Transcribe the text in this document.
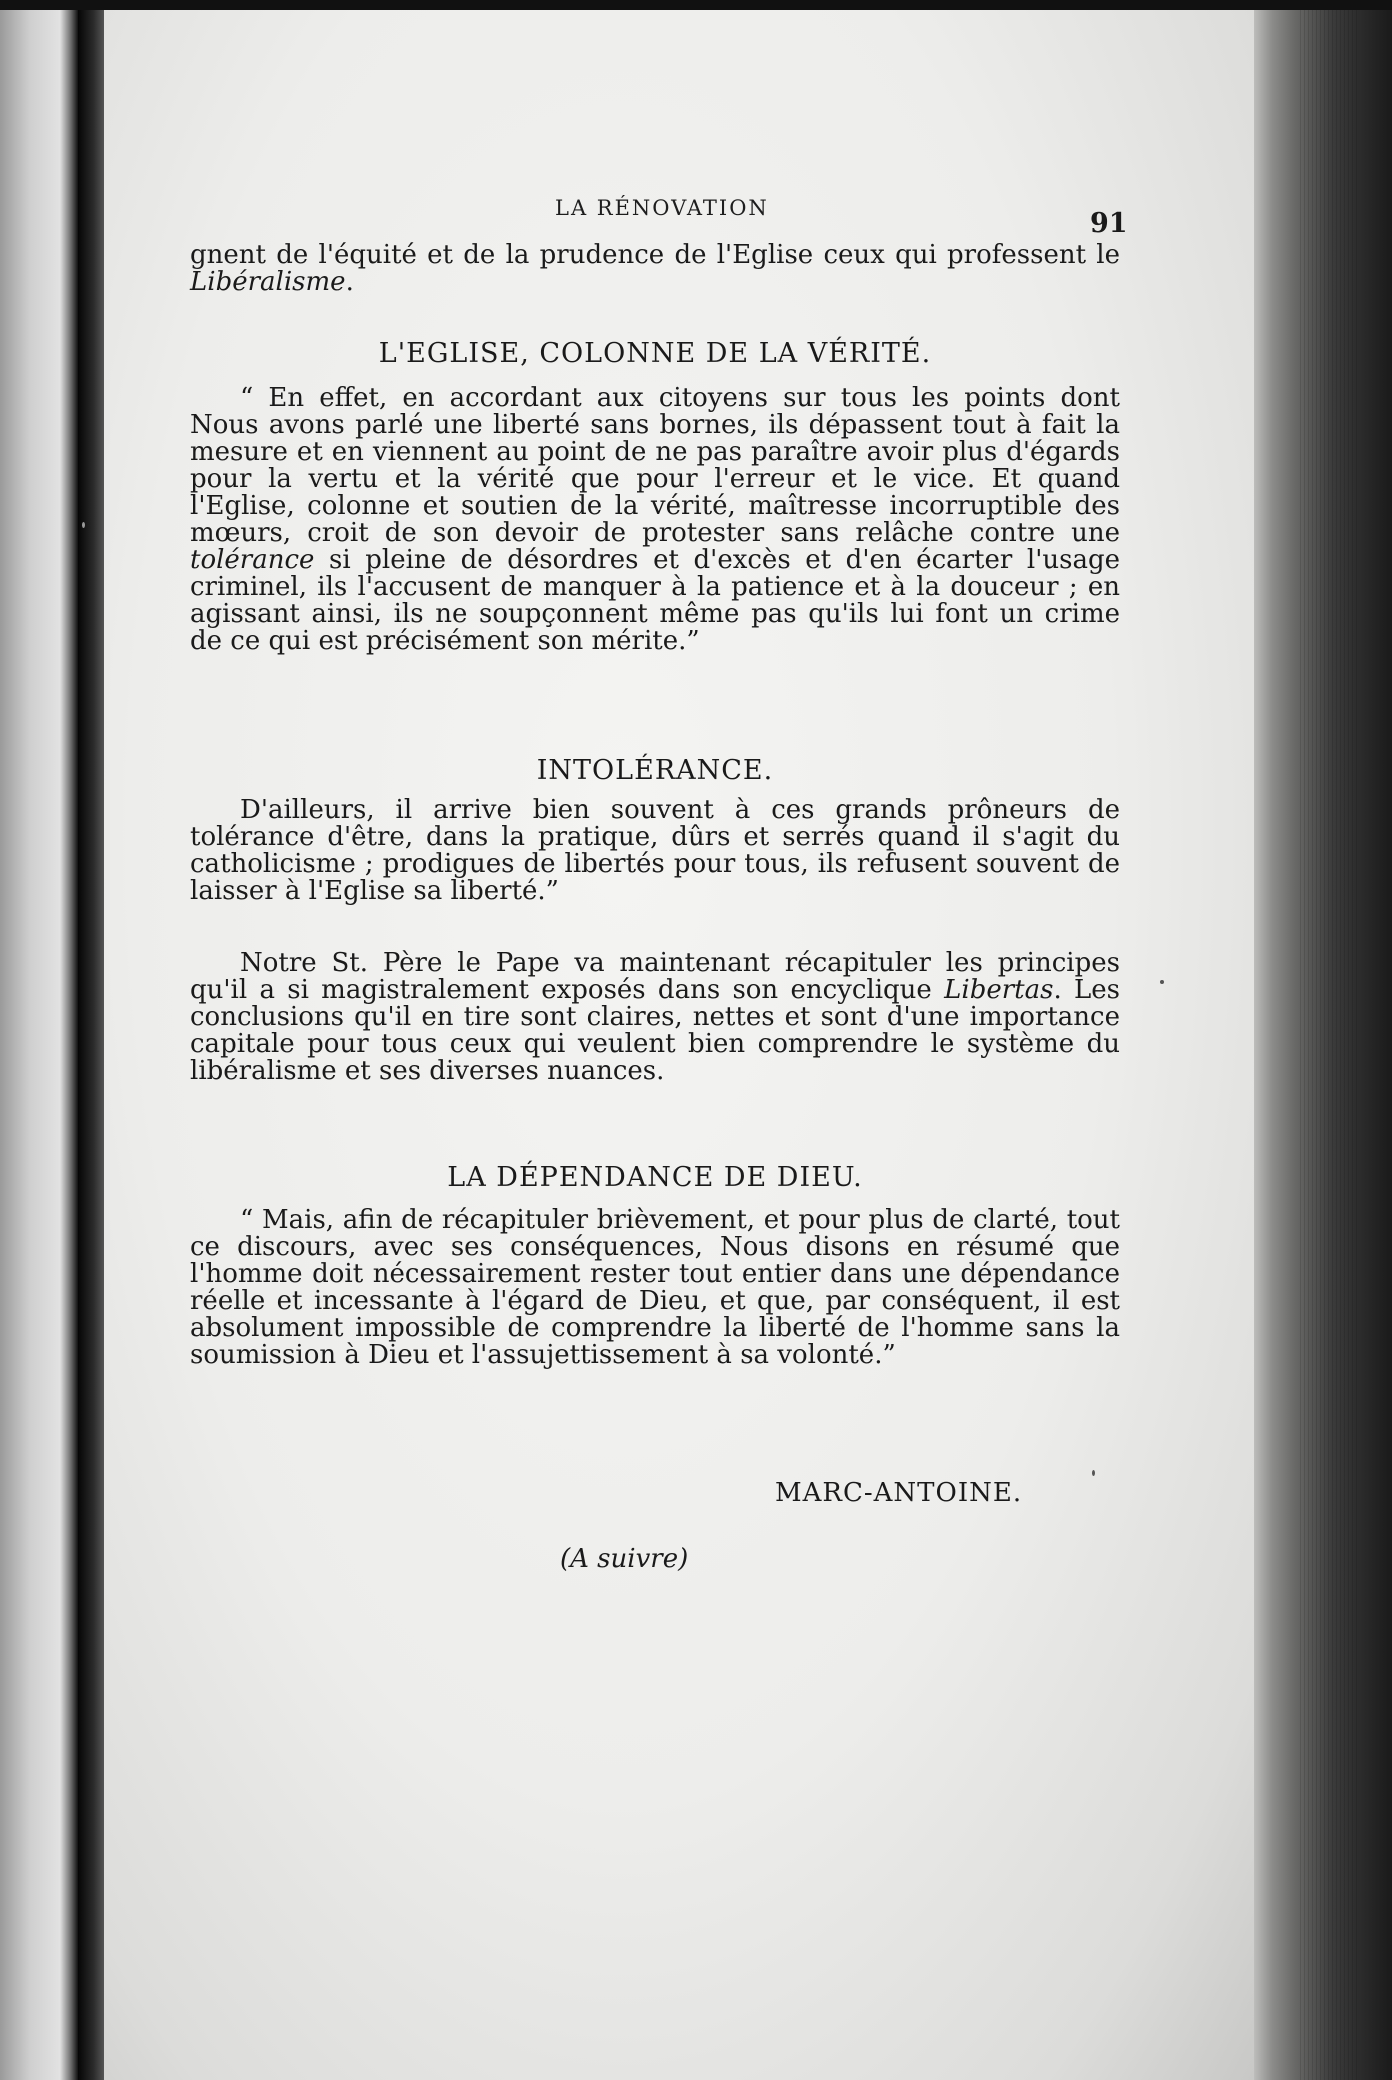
LA RÉNOVATION	91

gnent de l'équité et de la prudence de l'Eglise ceux qui professent le Libéralisme.

L'EGLISE, COLONNE DE LA VÉRITÉ.

“ En effet, en accordant aux citoyens sur tous les points dont Nous avons parlé une liberté sans bornes, ils dépassent tout à fait la mesure et en viennent au point de ne pas paraître avoir plus d'égards pour la vertu et la vérité que pour l'erreur et le vice. Et quand l'Eglise, colonne et soutien de la vérité, maîtresse incorruptible des mœurs, croit de son devoir de protester sans relâche contre une tolérance si pleine de désordres et d'excès et d'en écarter l'usage criminel, ils l'accusent de manquer à la patience et à la douceur ; en agissant ainsi, ils ne soupçonnent même pas qu'ils lui font un crime de ce qui est précisément son mérite.”

INTOLÉRANCE.

D'ailleurs, il arrive bien souvent à ces grands prôneurs de tolérance d'être, dans la pratique, dûrs et serrés quand il s'agit du catholicisme ; prodigues de libertés pour tous, ils refusent souvent de laisser à l'Eglise sa liberté.”

Notre St. Père le Pape va maintenant récapituler les principes qu'il a si magistralement exposés dans son encyclique Libertas. Les conclusions qu'il en tire sont claires, nettes et sont d'une importance capitale pour tous ceux qui veulent bien comprendre le système du libéralisme et ses diverses nuances.

LA DÉPENDANCE DE DIEU.

“ Mais, afin de récapituler brièvement, et pour plus de clarté, tout ce discours, avec ses conséquences, Nous disons en résumé que l'homme doit nécessairement rester tout entier dans une dépendance réelle et incessante à l'égard de Dieu, et que, par conséquent, il est absolument impossible de comprendre la liberté de l'homme sans la soumission à Dieu et l'assujettissement à sa volonté.”

MARC-ANTOINE.
(A suivre)
